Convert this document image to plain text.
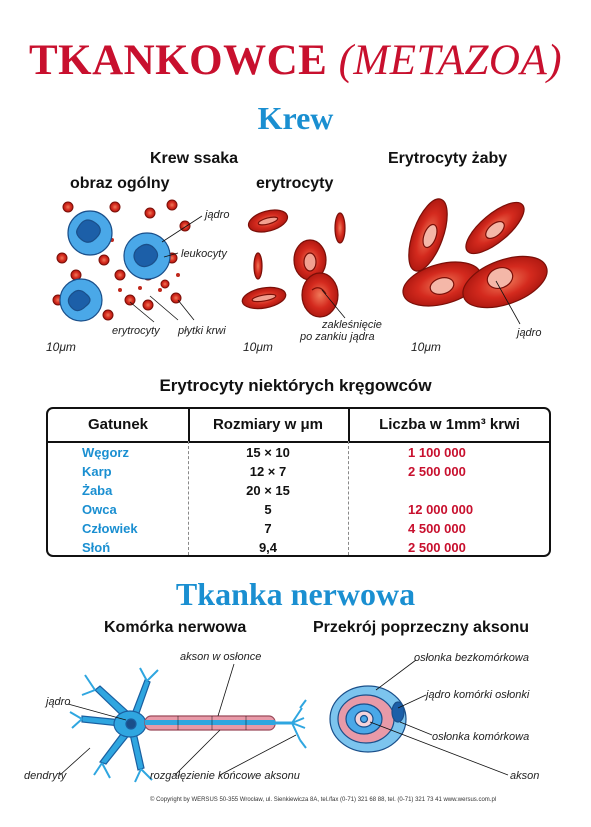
TKANKOWCE (METAZOA)
Krew
Krew ssaka
obraz ogólny	erytrocyty
Erytrocyty żaby
jądro
leukocyty
erytrocyty płytki krwi	zakleśnięcie
po zankiu jądra	jądro
10μm	10μm	10μm
Erytrocyty niektórych kręgowców
Gatunek	Rozmiary w μm	Liczba w 1mm³ krwi
Węgorz	15 × 10	1 100 000
Karp	12 × 7	2 500 000
Żaba	20 × 15
Owca	5	12 000 000
Człowiek	7	4 500 000
Słoń	9,4	2 500 000
Tkanka nerwowa
Komórka nerwowa	Przekrój poprzeczny aksonu
akson w osłonce
jądro
dendryty	rozgałęzienie końcowe aksonu
osłonka bezkomórkowa
jądro komórki osłonki
osłonka komórkowa
akson
© Copyright by WERSUS 50-355 Wrocław, ul. Sienkiewicza 8A, tel./fax (0-71) 321 68 88, tel. (0-71) 321 73 41 www.wersus.com.pl
